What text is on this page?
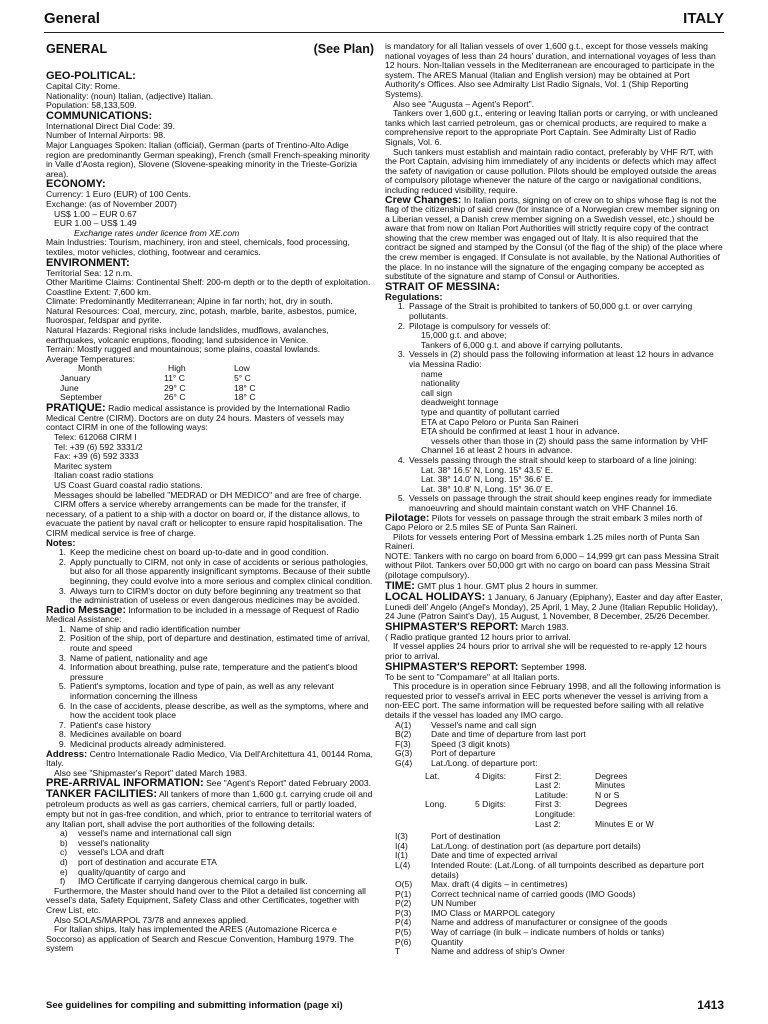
General	ITALY
GENERAL	(See Plan)
GEO-POLITICAL:
Capital City: Rome.
Nationality: (noun) Italian, (adjective) Italian.
Population: 58,133,509.
COMMUNICATIONS:
International Direct Dial Code: 39.
Number of Internal Airports: 98.
Major Languages Spoken: Italian (official), German (parts of Trentino-Alto Adige region are predominantly German speaking), French (small French-speaking minority in Valle d'Aosta region), Slovene (Slovene-speaking minority in the Trieste-Gorizia area).
ECONOMY:
Currency: 1 Euro (EUR) of 100 Cents.
Exchange: (as of November 2007)
US$ 1.00 – EUR 0.67
EUR 1.00 – US$ 1.49
Exchange rates under licence from XE.com
Main Industries: Tourism, machinery, iron and steel, chemicals, food processing, textiles, motor vehicles, clothing, footwear and ceramics.
ENVIRONMENT:
Territorial Sea: 12 n.m.
Other Maritime Claims: Continental Shelf: 200-m depth or to the depth of exploitation.
Coastline Extent: 7,600 km.
Climate: Predominantly Mediterranean; Alpine in far north; hot, dry in south.
Natural Resources: Coal, mercury, zinc, potash, marble, barite, asbestos, pumice, fluorospar, feldspar and pyrite.
Natural Hazards: Regional risks include landslides, mudflows, avalanches, earthquakes, volcanic eruptions, flooding; land subsidence in Venice.
Terrain: Mostly rugged and mountainous; some plains, coastal lowlands.
Average Temperatures:
Month	High	Low
January	11° C	5° C
June	29° C	18° C
September	26° C	18° C
PRATIQUE: Radio medical assistance is provided by the International Radio Medical Centre (CIRM). Doctors are on duty 24 hours. Masters of vessels may contact CIRM in one of the following ways:
Telex: 612068 CIRM I
Tel: +39 (6) 592 3331/2
Fax: +39 (6) 592 3333
Maritec system
Italian coast radio stations
US Coast Guard coastal radio stations.
Messages should be labelled "MEDRAD or DH MEDICO" and are free of charge.
CIRM offers a service whereby arrangements can be made for the transfer, if necessary, of a patient to a ship with a doctor on board or, if the distance allows, to evacuate the patient by naval craft or helicopter to ensure rapid hospitalisation. The CIRM medical service is free of charge.
Notes:
1. Keep the medicine chest on board up-to-date and in good condition.
2. Apply punctually to CIRM, not only in case of accidents or serious pathologies, but also for all those apparently insignificant symptoms. Because of their subtle beginning, they could evolve into a more serious and complex clinical condition.
3. Always turn to CIRM's doctor on duty before beginning any treatment so that the administration of useless or even dangerous medicines may be avoided.
Radio Message: Information to be included in a message of Request of Radio Medical Assistance:
1. Name of ship and radio identification number
2. Position of the ship, port of departure and destination, estimated time of arrival, route and speed
3. Name of patient, nationality and age
4. Information about breathing, pulse rate, temperature and the patient's blood pressure
5. Patient's symptoms, location and type of pain, as well as any relevant information concerning the illness
6. In the case of accidents, please describe, as well as the symptoms, where and how the accident took place
7. Patient's case history
8. Medicines available on board
9. Medicinal products already administered.
Address: Centro Internationale Radio Medico, Via Dell'Architettura 41, 00144 Roma, Italy.
Also see "Shipmaster's Report" dated March 1983.
PRE-ARRIVAL INFORMATION: See "Agent's Report" dated February 2003.
TANKER FACILITIES: All tankers of more than 1,600 g.t. carrying crude oil and petroleum products as well as gas carriers, chemical carriers, full or partly loaded, empty but not in gas-free condition, and which, prior to entrance to territorial waters of any Italian port, shall advise the port authorities of the following details:
a)	vessel's name and international call sign
b)	vessel's nationality
c)	vessel's LOA and draft
d)	port of destination and accurate ETA
e)	quality/quantity of cargo and
f)	IMO Certificate if carrying dangerous chemical cargo in bulk.
Furthermore, the Master should hand over to the Pilot a detailed list concerning all vessel's data, Safety Equipment, Safety Class and other Certificates, together with Crew List, etc.
Also SOLAS/MARPOL 73/78 and annexes applied.
For Italian ships, Italy has implemented the ARES (Automazione Ricerca e Soccorso) as application of Search and Rescue Convention, Hamburg 1979. The system
is mandatory for all Italian vessels of over 1,600 g.t., except for those vessels making national voyages of less than 24 hours' duration, and international voyages of less than 12 hours. Non-Italian vessels in the Mediterranean are encouraged to participate in the system. The ARES Manual (Italian and English version) may be obtained at Port Authority's Offices. Also see Admiralty List Radio Signals, Vol. 1 (Ship Reporting Systems).
Also see "Augusta – Agent's Report".
Tankers over 1,600 g.t., entering or leaving Italian ports or carrying, or with uncleaned tanks which last carried petroleum, gas or chemical products, are required to make a comprehensive report to the appropriate Port Captain. See Admiralty List of Radio Signals, Vol. 6.
Such tankers must establish and maintain radio contact, preferably by VHF R/T, with the Port Captain, advising him immediately of any incidents or defects which may affect the safety of navigation or cause pollution. Pilots should be employed outside the areas of compulsory pilotage whenever the nature of the cargo or navigational conditions, including reduced visibility, require.
Crew Changes: In Italian ports, signing on of crew on to ships whose flag is not the flag of the citizenship of said crew (for instance of a Norwegian crew member signing on a Liberian vessel, a Danish crew member signing on a Swedish vessel, etc.) should be aware that from now on Italian Port Authorities will strictly require copy of the contract showing that the crew member was engaged out of Italy. It is also required that the contract be signed and stamped by the Consul (of the flag of the ship) of the place where the crew member is engaged. If Consulate is not available, by the National Authorities of the place. In no instance will the signature of the engaging company be accepted as substitute of the signature and stamp of Consul or Authorities.
STRAIT OF MESSINA:
Regulations:
1. Passage of the Strait is prohibited to tankers of 50,000 g.t. or over carrying pollutants.
2. Pilotage is compulsory for vessels of:
15,000 g.t. and above;
Tankers of 6,000 g.t. and above if carrying pollutants.
3. Vessels in (2) should pass the following information at least 12 hours in advance via Messina Radio:
name
nationality
call sign
deadweight tonnage
type and quantity of pollutant carried
ETA at Capo Peloro or Punta San Raineri
ETA should be confirmed at least 1 hour in advance.
vessels other than those in (2) should pass the same information by VHF Channel 16 at least 2 hours in advance.
4. Vessels passing through the strait should keep to starboard of a line joining:
Lat. 38° 16.5' N, Long. 15° 43.5' E.
Lat. 38° 14.0' N, Long. 15° 36.6' E.
Lat. 38° 10.8' N, Long. 15° 36.0' E.
5. Vessels on passage through the strait should keep engines ready for immediate manoeuvring and should maintain constant watch on VHF Channel 16.
Pilotage: Pilots for vessels on passage through the strait embark 3 miles north of Capo Peloro or 2.5 miles SE of Punta San Raineri.
Pilots for vessels entering Port of Messina embark 1.25 miles north of Punta San Raineri.
NOTE: Tankers with no cargo on board from 6,000 – 14,999 grt can pass Messina Strait without Pilot. Tankers over 50,000 grt with no cargo on board can pass Messina Strait (pilotage compulsory).
TIME: GMT plus 1 hour. GMT plus 2 hours in summer.
LOCAL HOLIDAYS: 1 January, 6 January (Epiphany), Easter and day after Easter, Lunedi dell' Angelo (Angel's Monday), 25 April, 1 May, 2 June (Italian Republic Holiday), 24 June (Patron Saint's Day), 15 August, 1 November, 8 December, 25/26 December.
SHIPMASTER'S REPORT: March 1983.
( Radio pratique granted 12 hours prior to arrival.
If vessel applies 24 hours prior to arrival she will be requested to re-apply 12 hours prior to arrival.
SHIPMASTER'S REPORT: September 1998.
To be sent to "Compamare" at all Italian ports.
This procedure is in operation since February 1998, and all the following information is requested prior to vessel's arrival in EEC ports whenever the vessel is arriving from a non-EEC port. The same information will be requested before sailing with all relative details if the vessel has loaded any IMO cargo.
A(1)	Vessel's name and call sign
B(2)	Date and time of departure from last port
F(3)	Speed (3 digit knots)
G(3)	Port of departure
G(4)	Lat./Long. of departure port:
Lat.	4 Digits:	First 2:	Degrees
Last 2:	Minutes
Latitude:	N or S
Long.	5 Digits:	First 3:	Degrees
Longitude:
Last 2:	Minutes E or W
I(3)	Port of destination
I(4)	Lat./Long. of destination port (as departure port details)
I(1)	Date and time of expected arrival
L(4)	Intended Route: (Lat./Long. of all turnpoints described as departure port details)
O(5)	Max. draft (4 digits – in centimetres)
P(1)	Correct technical name of carried goods (IMO Goods)
P(2)	UN Number
P(3)	IMO Class or MARPOL category
P(4)	Name and address of manufacturer or consignee of the goods
P(5)	Way of carriage (in bulk – indicate numbers of holds or tanks)
P(6)	Quantity
T	Name and address of ship's Owner
See guidelines for compiling and submitting information (page xi)	1413
